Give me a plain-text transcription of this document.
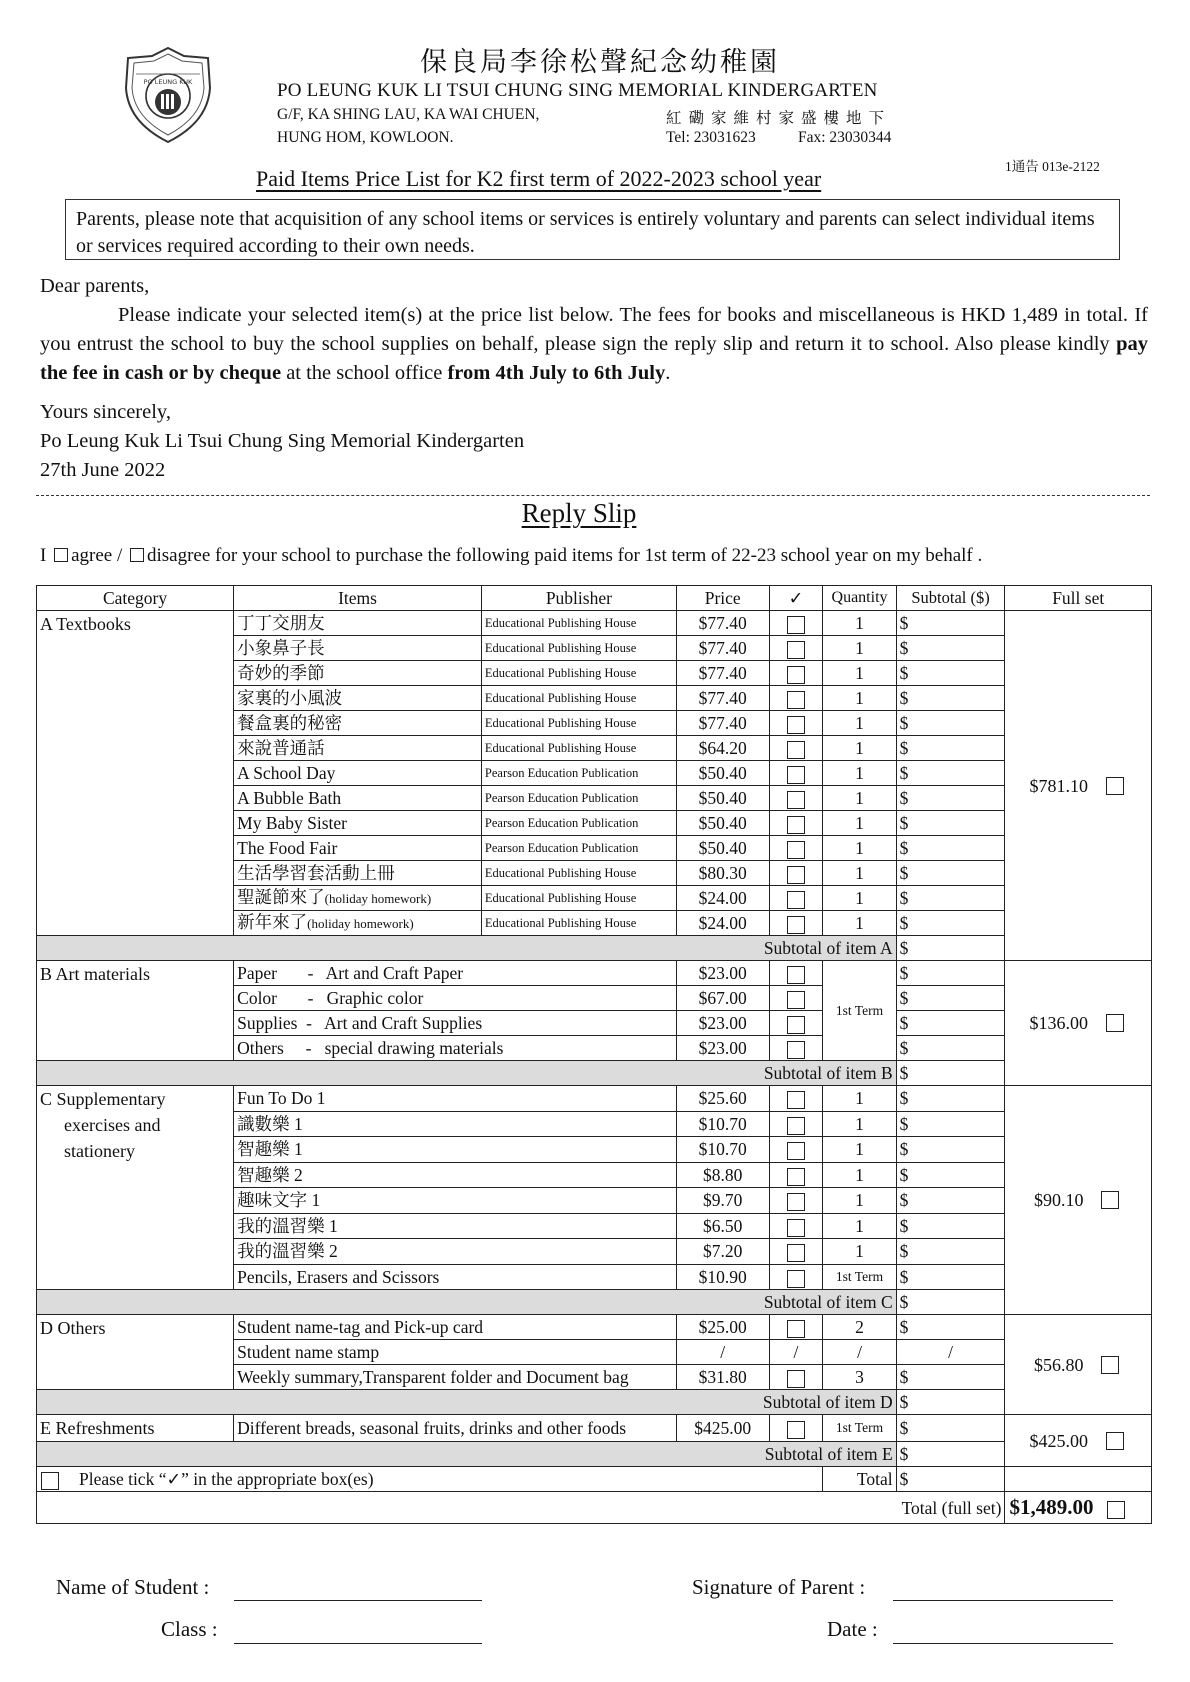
PO LEUNG KUK
保良局李徐松聲紀念幼稚園
PO LEUNG KUK LI TSUI CHUNG SING MEMORIAL KINDERGARTEN
G/F, KA SHING LAU, KA WAI CHUEN,
HUNG HOM, KOWLOON.
紅磡家維村家盛樓地下
Tel: 23031623	Fax: 23030344
1通告 013e-2122
Paid Items Price List for K2 first term of 2022-2023 school year
Parents, please note that acquisition of any school items or services is entirely voluntary and parents can select individual items or services required according to their own needs.
Dear parents,
Please indicate your selected item(s) at the price list below. The fees for books and miscellaneous is HKD 1,489 in total. If you entrust the school to buy the school supplies on behalf, please sign the reply slip and return it to school. Also please kindly pay the fee in cash or by cheque at the school office from 4th July to 6th July.
Yours sincerely,
Po Leung Kuk Li Tsui Chung Sing Memorial Kindergarten
27th June 2022
Reply Slip
I agree / disagree for your school to purchase the following paid items for 1st term of 22-23 school year on my behalf .
Category	Items	Publisher	Price	✓	Quantity	Subtotal ($)	Full set
A Textbooks	丁丁交朋友	Educational Publishing House	$77.40		1	$	$781.10
	小象鼻子長	Educational Publishing House	$77.40		1	$	
	奇妙的季節	Educational Publishing House	$77.40		1	$	
	家裏的小風波	Educational Publishing House	$77.40		1	$	
	餐盒裏的秘密	Educational Publishing House	$77.40		1	$	
	來說普通話	Educational Publishing House	$64.20		1	$	
	A School Day	Pearson Education Publication	$50.40		1	$	
	A Bubble Bath	Pearson Education Publication	$50.40		1	$	
	My Baby Sister	Pearson Education Publication	$50.40		1	$	
	The Food Fair	Pearson Education Publication	$50.40		1	$	
	生活學習套活動上冊	Educational Publishing House	$80.30		1	$	
	聖誕節來了(holiday homework)	Educational Publishing House	$24.00		1	$	
	新年來了(holiday homework)	Educational Publishing House	$24.00		1	$	
Subtotal of item A						$	
B Art materials	Paper       -   Art and Craft Paper		$23.00		1st Term	$	$136.00
	Color       -   Graphic color		$67.00			$	
	Supplies  -   Art and Craft Supplies		$23.00			$	
	Others     -   special drawing materials		$23.00			$	
Subtotal of item B						$	

C Supplementary
exercises and
stationery	Fun To Do 1		$25.60		1	$	$90.10
	識數樂 1		$10.70		1	$	
	智趣樂 1		$10.70		1	$	
	智趣樂 2		$8.80		1	$	
	趣味文字 1		$9.70		1	$	
	我的溫習樂 1		$6.50		1	$	
	我的溫習樂 2		$7.20		1	$	
	Pencils, Erasers and Scissors		$10.90		1st Term	$	
Subtotal of item C						$	
D Others	Student name-tag and Pick-up card		$25.00		2	$	$56.80
	Student name stamp		/	/	/	/	
	Weekly summary,Transparent folder and Document bag		$31.80		3	$	
Subtotal of item D						$	
E Refreshments	Different breads, seasonal fruits, drinks and other foods		$425.00		1st Term	$	$425.00
Subtotal of item E						$	
Please tick “✓” in the appropriate box(es)					Total	$	
Total (full set)							$1,489.00
Name of Student :
Class :
Signature of Parent :
Date :
